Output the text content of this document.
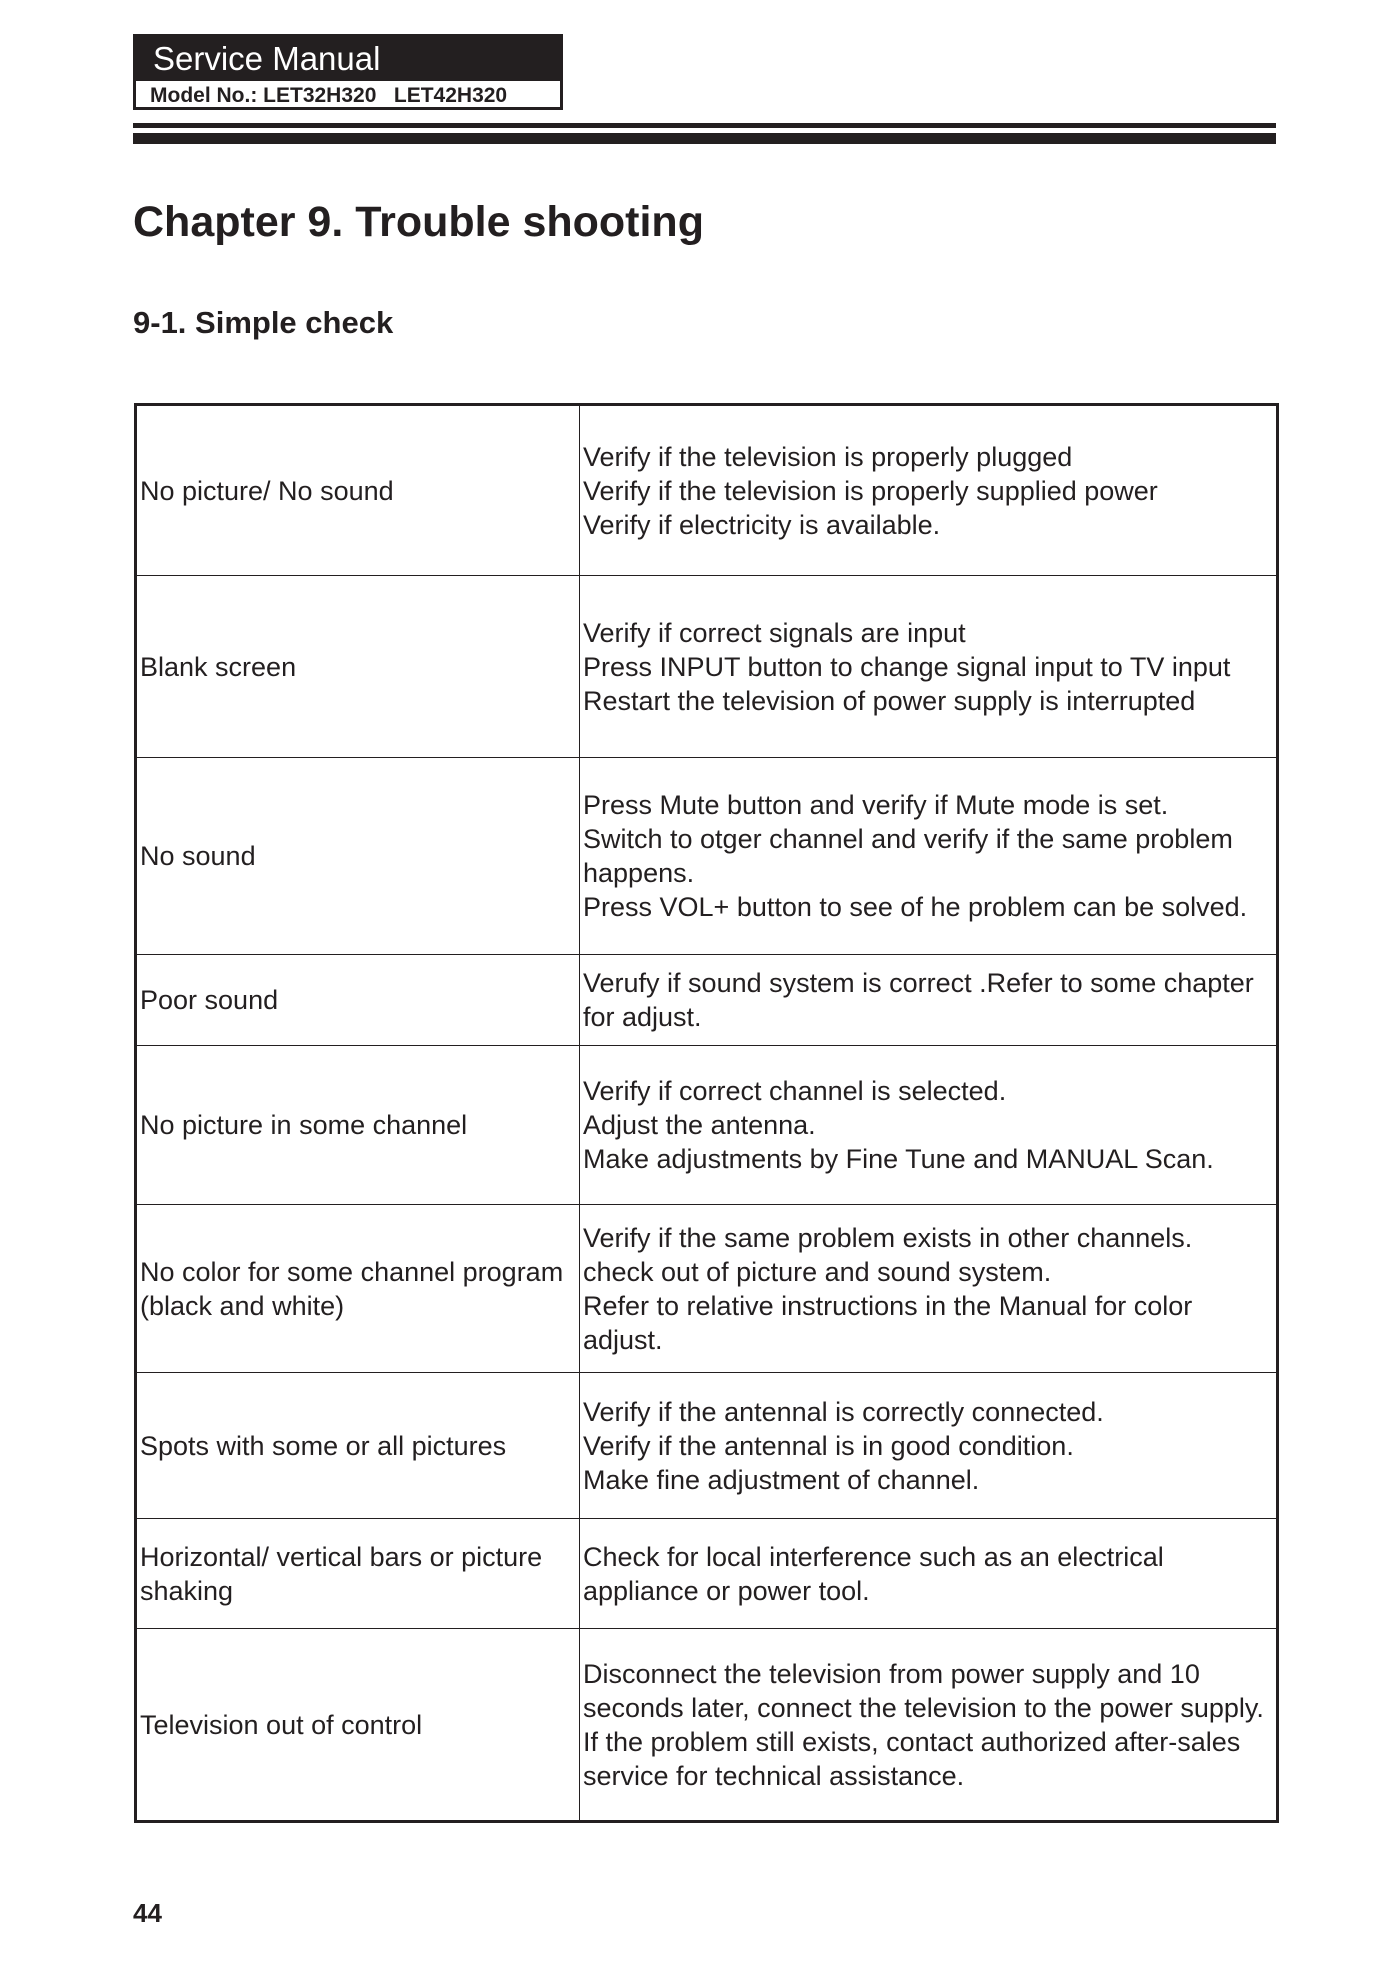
Service Manual
Model No.: LET32H320   LET42H320
Chapter 9. Trouble shooting
9-1. Simple check
No picture/ No sound	Verify if the television is properly plugged
Verify if the television is properly supplied power
Verify if electricity is available.

Blank screen	Verify if correct signals are input
Press INPUT button to change signal input to TV input
Restart the television of power supply is interrupted

No sound	Press Mute button and verify if Mute mode is set.
Switch to otger channel and verify if the same problem happens.
Press VOL+ button to see of he problem can be solved.

Poor sound	Verufy if sound system is correct .Refer to some chapter for adjust.

No picture in some channel	Verify if correct channel is selected.
Adjust the antenna.
Make adjustments by Fine Tune and MANUAL Scan.

No color for some channel program (black and white)	Verify if the same problem exists in other channels.
check out of picture and sound system.
Refer to relative instructions in the Manual for color adjust.

Spots with some or all pictures	Verify if the antennal is correctly connected.
Verify if the antennal is in good condition.
Make fine adjustment of channel.

Horizontal/ vertical bars or picture shaking	Check for local interference such as an electrical appliance or power tool.

Television out of control	Disconnect the television from power supply and 10 seconds later, connect the television to the power supply. If the problem still exists, contact authorized after-sales service for technical assistance.
44
